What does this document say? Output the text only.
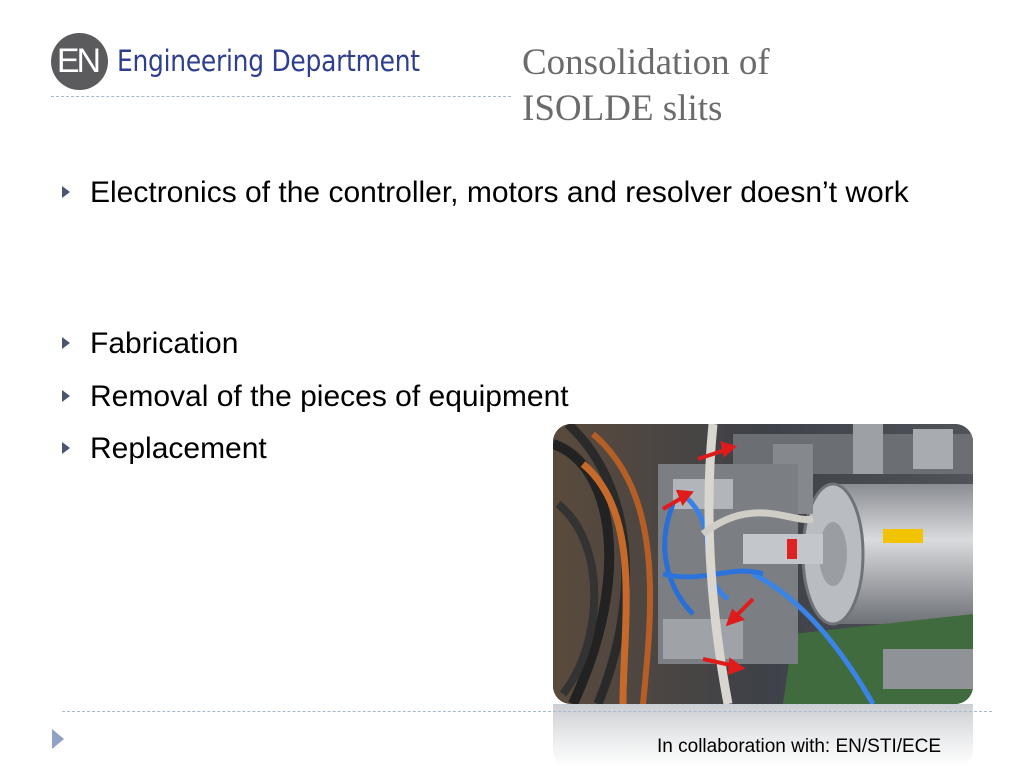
EN Engineering Department	Consolidation of
ISOLDE slits
Electronics of the controller, motors and resolver doesn’t work
Fabrication
Removal of the pieces of equipment
Replacement
In collaboration with: EN/STI/ECE
